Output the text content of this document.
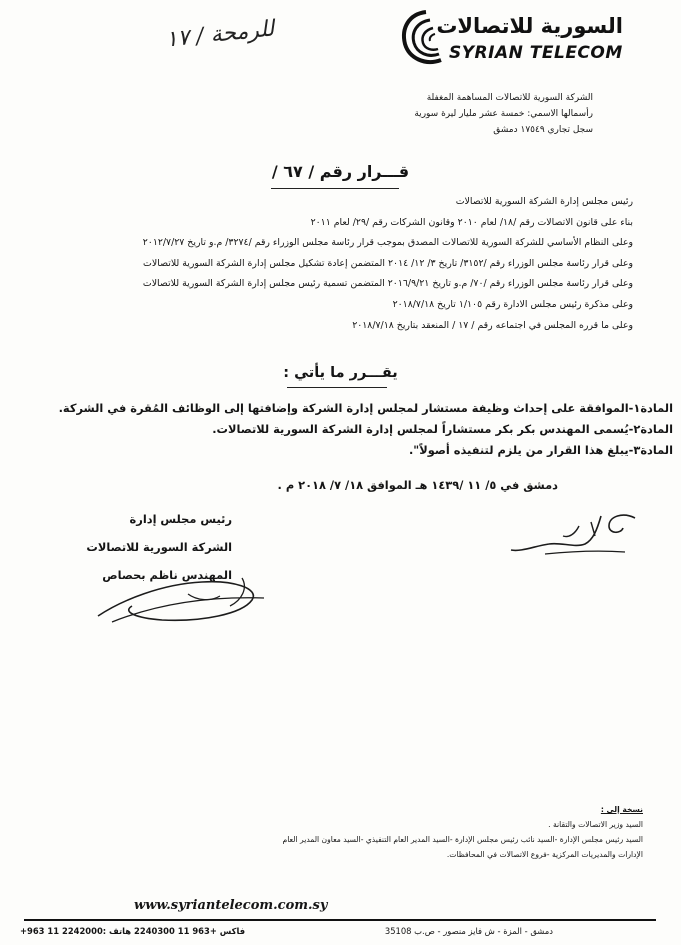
للرمحة / ١٧	السورية للاتصالات
SYRIAN TELECOM
الشركة السورية للاتصالات المساهمة المغفلة
رأسمالها الاسمي: خمسة عشر مليار ليرة سورية
سجل تجاري ١٧٥٤٩ دمشق
قـــرار رقم / ٦٧ /
رئيس مجلس إدارة الشركة السورية للاتصالات
بناء على قانون الاتصالات رقم /١٨/ لعام ٢٠١٠ وقانون الشركات رقم /٢٩/ لعام ٢٠١١
وعلى النظام الأساسي للشركة السورية للاتصالات المصدق بموجب قرار رئاسة مجلس الوزراء رقم /٣٢٧٤/ م.و تاريخ ٢٠١٢/٧/٢٧
وعلى قرار رئاسة مجلس الوزراء رقم /٣١٥٢/ تاريخ ٣/ ١٢/ ٢٠١٤ المتضمن إعادة تشكيل مجلس إدارة الشركة السورية للاتصالات
وعلى قرار رئاسة مجلس الوزراء رقم /٧٠/ م.و تاريخ ٢٠١٦/٩/٢١ المتضمن تسمية رئيس مجلس إدارة الشركة السورية للاتصالات
وعلى مذكرة رئيس مجلس الادارة رقم ١/١٠٥ تاريخ ٢٠١٨/٧/١٨
وعلى ما قرره المجلس في اجتماعه رقم / ١٧ / المنعقد بتاريخ ٢٠١٨/٧/١٨
يقـــرر ما يأتي :
المادة١-الموافقة على إحداث وظيفة مستشار لمجلس إدارة الشركة وإضافتها إلى الوظائف المُقرة في الشركة.
المادة٢-يُسمى المهندس بكر بكر مستشاراً لمجلس إدارة الشركة السورية للاتصالات.
المادة٣-يبلغ هذا القرار من يلزم لتنفيذه أصولاً".
دمشق في ٥/ ١١ /١٤٣٩ هـ الموافق ١٨/ ٧/ ٢٠١٨ م .
رئيس مجلس إدارة
الشركة السورية للاتصالات
المهندس ناظم بحصاص
نسخة إلى :
السيد وزير الاتصالات والتقانة .
السيد رئيس مجلس الإدارة -السيد نائب رئيس مجلس الإدارة -السيد المدير العام التنفيذي -السيد معاون المدير العام
الإدارات والمديريات المركزية -فروع الاتصالات في المحافظات.
www.syriantelecom.com.sy
دمشق - المزة - ش فايز منصور - ص.ب 35108
+963 11 2242000: فاكس +963 11 2240300 هاتف
